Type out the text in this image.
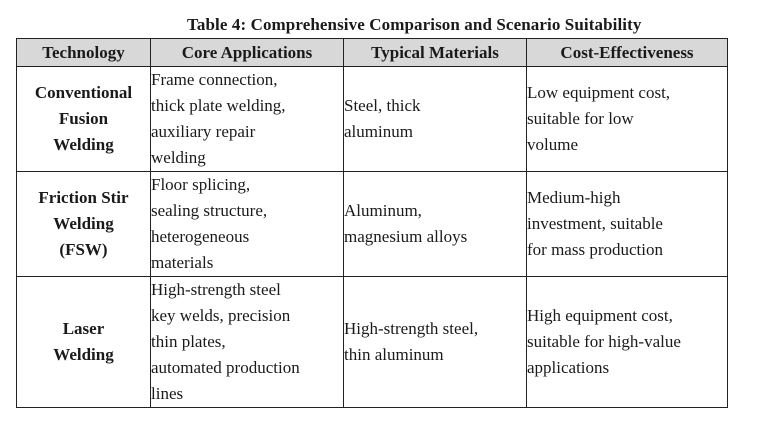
Table 4: Comprehensive Comparison and Scenario Suitability
Technology	Core Applications	Typical Materials	Cost-Effectiveness

Conventional
Fusion
Welding	Frame connection,
thick plate welding,
auxiliary repair
welding	Steel, thick
aluminum	Low equipment cost,
suitable for low
volume

Friction Stir
Welding
(FSW)	Floor splicing,
sealing structure,
heterogeneous
materials	Aluminum,
magnesium alloys	Medium-high
investment, suitable
for mass production

Laser
Welding	High-strength steel
key welds, precision
thin plates,
automated production
lines	High-strength steel,
thin aluminum	High equipment cost,
suitable for high-value
applications
